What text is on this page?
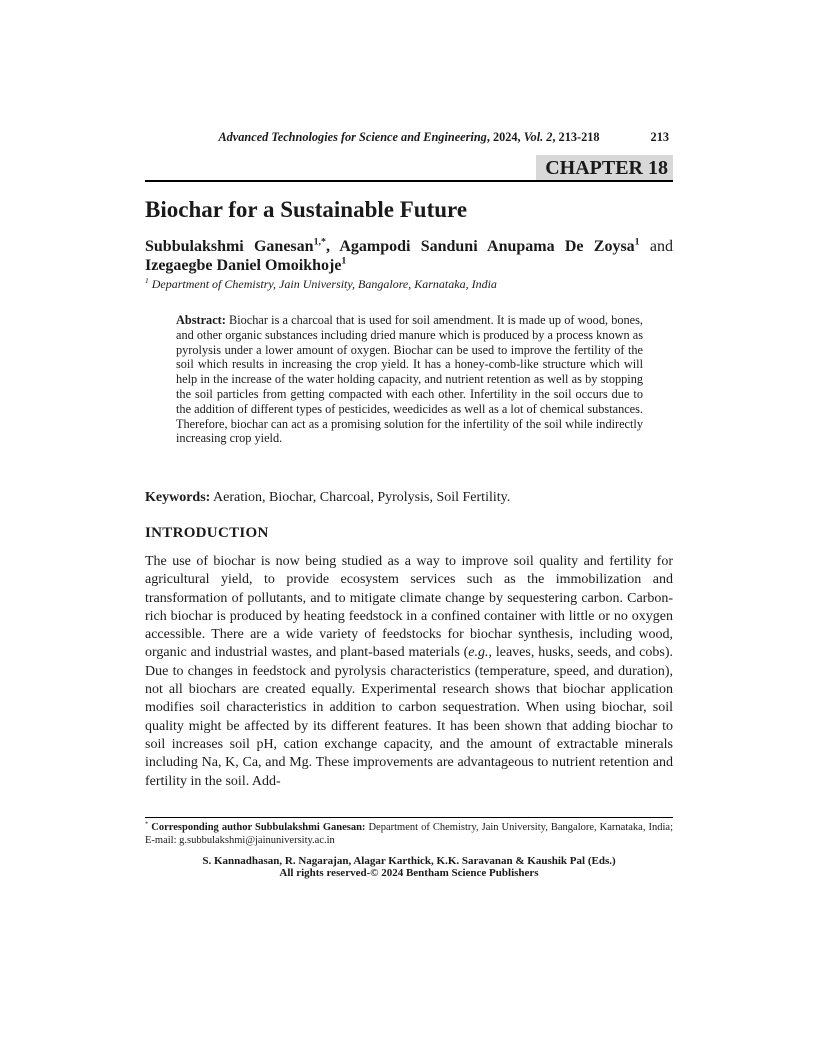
Advanced Technologies for Science and Engineering, 2024, Vol. 2, 213-218	213
CHAPTER 18
Biochar for a Sustainable Future
Subbulakshmi Ganesan$^{1,*}$, Agampodi Sanduni Anupama De Zoysa$^1$ and
Izegaegbe Daniel Omoikhoje$^1$
$^1$ Department of Chemistry, Jain University, Bangalore, Karnataka, India
Abstract: Biochar is a charcoal that is used for soil amendment. It is made up of wood, bones, and other organic substances including dried manure which is produced by a process known as pyrolysis under a lower amount of oxygen. Biochar can be used to improve the fertility of the soil which results in increasing the crop yield. It has a honey-comb-like structure which will help in the increase of the water holding capacity, and nutrient retention as well as by stopping the soil particles from getting compacted with each other. Infertility in the soil occurs due to the addition of different types of pesticides, weedicides as well as a lot of chemical substances. Therefore, biochar can act as a promising solution for the infertility of the soil while indirectly increasing crop yield.
Keywords: Aeration, Biochar, Charcoal, Pyrolysis, Soil Fertility.
INTRODUCTION
The use of biochar is now being studied as a way to improve soil quality and fertility for agricultural yield, to provide ecosystem services such as the immobilization and transformation of pollutants, and to mitigate climate change by sequestering carbon. Carbon-rich biochar is produced by heating feedstock in a confined container with little or no oxygen accessible. There are a wide variety of feedstocks for biochar synthesis, including wood, organic and industrial wastes, and plant-based materials (e.g., leaves, husks, seeds, and cobs). Due to changes in feedstock and pyrolysis characteristics (temperature, speed, and duration), not all biochars are created equally. Experimental research shows that biochar application modifies soil characteristics in addition to carbon sequestration. When using biochar, soil quality might be affected by its different features. It has been shown that adding biochar to soil increases soil pH, cation exchange capacity, and the amount of extractable minerals including Na, K, Ca, and Mg. These improvements are advantageous to nutrient retention and fertility in the soil. Add-
* Corresponding author Subbulakshmi Ganesan: Department of Chemistry, Jain University, Bangalore, Karnataka, India; E-mail: g.subbulakshmi@jainuniversity.ac.in
S. Kannadhasan, R. Nagarajan, Alagar Karthick, K.K. Saravanan & Kaushik Pal (Eds.)
All rights reserved-© 2024 Bentham Science Publishers
